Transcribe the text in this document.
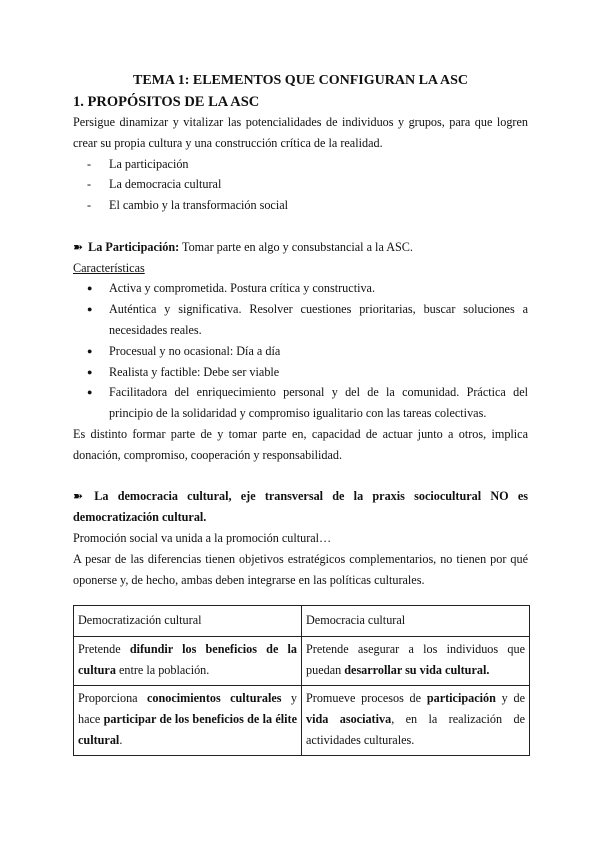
TEMA 1: ELEMENTOS QUE CONFIGURAN LA ASC
1. PROPÓSITOS DE LA ASC

Persigue dinamizar y vitalizar las potencialidades de individuos y grupos, para que logren crear su propia cultura y una construcción crítica de la realidad.

- La participación
- La democracia cultural
- El cambio y la transformación social

➽ La Participación: Tomar parte en algo y consubstancial a la ASC.

Características

● Activa y comprometida. Postura crítica y constructiva.
● Auténtica y significativa. Resolver cuestiones prioritarias, buscar soluciones a necesidades reales.
● Procesual y no ocasional: Día a día
● Realista y factible: Debe ser viable
● Facilitadora del enriquecimiento personal y del de la comunidad. Práctica del principio de la solidaridad y compromiso igualitario con las tareas colectivas.

Es distinto formar parte de y tomar parte en, capacidad de actuar junto a otros, implica donación, compromiso, cooperación y responsabilidad.

➽ La democracia cultural, eje transversal de la praxis sociocultural NO es democratización cultural.

Promoción social va unida a la promoción cultural…

A pesar de las diferencias tienen objetivos estratégicos complementarios, no tienen por qué oponerse y, de hecho, ambas deben integrarse en las políticas culturales.

Democratización cultural	Democracia cultural
Pretende difundir los beneficios de la cultura entre la población.	Pretende asegurar a los individuos que puedan desarrollar su vida cultural.
Proporciona conocimientos culturales y hace participar de los beneficios de la élite cultural.	Promueve procesos de participación y de vida asociativa, en la realización de actividades culturales.
